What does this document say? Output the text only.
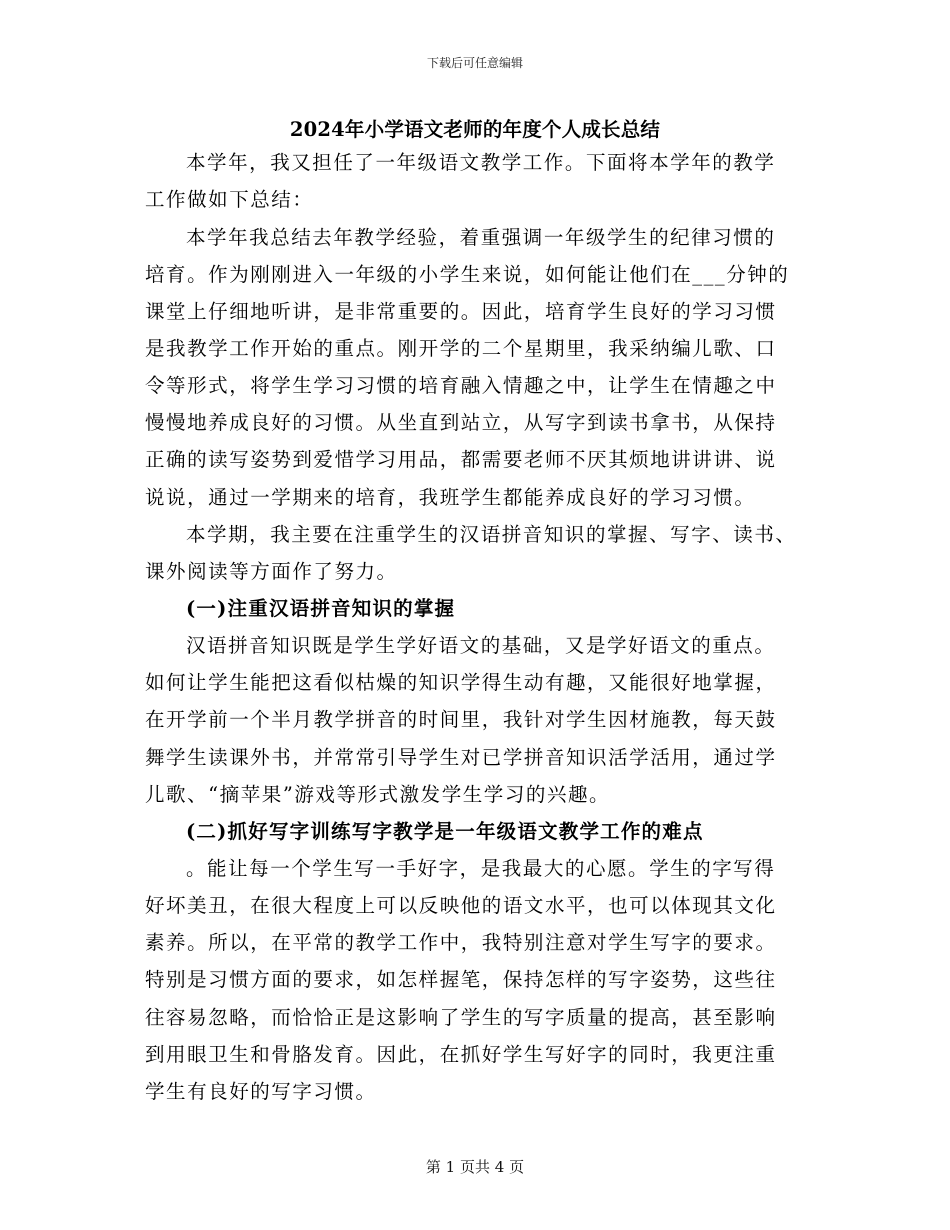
下载后可任意编辑
2024年小学语文老师的年度个人成长总结
本学年，我又担任了一年级语文教学工作。下面将本学年的教学
工作做如下总结：
本学年我总结去年教学经验，着重强调一年级学生的纪律习惯的
培育。作为刚刚进入一年级的小学生来说，如何能让他们在___分钟的
课堂上仔细地听讲，是非常重要的。因此，培育学生良好的学习习惯
是我教学工作开始的重点。刚开学的二个星期里，我采纳编儿歌、口
令等形式，将学生学习习惯的培育融入情趣之中，让学生在情趣之中
慢慢地养成良好的习惯。从坐直到站立，从写字到读书拿书，从保持
正确的读写姿势到爱惜学习用品，都需要老师不厌其烦地讲讲讲、说
说说，通过一学期来的培育，我班学生都能养成良好的学习习惯。
本学期，我主要在注重学生的汉语拼音知识的掌握、写字、读书、
课外阅读等方面作了努力。
(一)注重汉语拼音知识的掌握
汉语拼音知识既是学生学好语文的基础，又是学好语文的重点。
如何让学生能把这看似枯燥的知识学得生动有趣，又能很好地掌握，
在开学前一个半月教学拼音的时间里，我针对学生因材施教，每天鼓
舞学生读课外书，并常常引导学生对已学拼音知识活学活用，通过学
儿歌、“摘苹果”游戏等形式激发学生学习的兴趣。
(二)抓好写字训练写字教学是一年级语文教学工作的难点
。能让每一个学生写一手好字，是我最大的心愿。学生的字写得
好坏美丑，在很大程度上可以反映他的语文水平，也可以体现其文化
素养。所以，在平常的教学工作中，我特别注意对学生写字的要求。
特别是习惯方面的要求，如怎样握笔，保持怎样的写字姿势，这些往
往容易忽略，而恰恰正是这影响了学生的写字质量的提高，甚至影响
到用眼卫生和骨胳发育。因此，在抓好学生写好字的同时，我更注重
学生有良好的写字习惯。
第 1 页共 4 页
